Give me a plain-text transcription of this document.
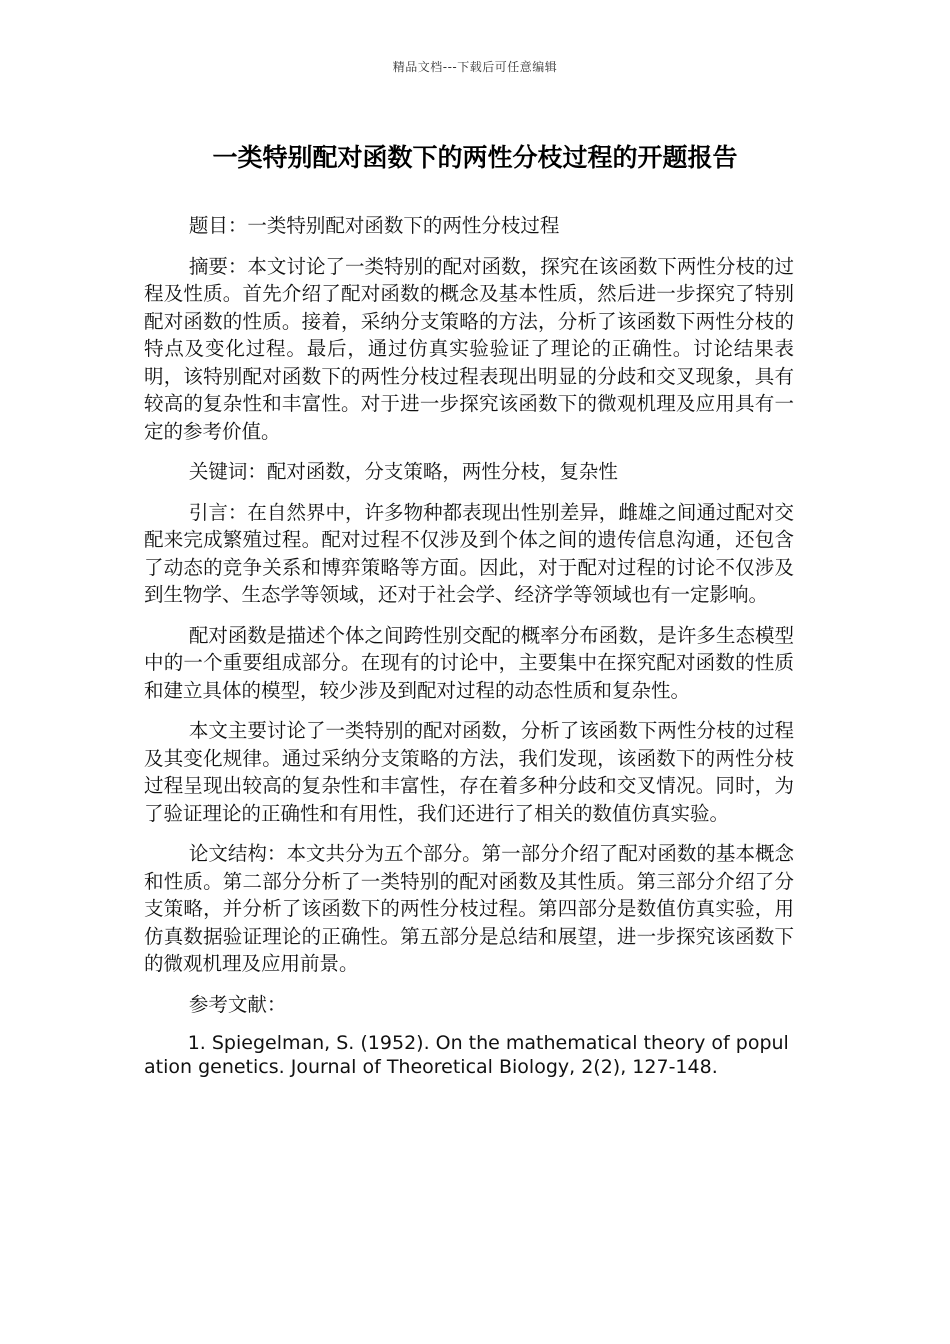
精品文档---下载后可任意编辑
一类特别配对函数下的两性分枝过程的开题报告

题目：一类特别配对函数下的两性分枝过程

摘要：本文讨论了一类特别的配对函数，探究在该函数下两性分枝的过程及性质。首先介绍了配对函数的概念及基本性质，然后进一步探究了特别配对函数的性质。接着，采纳分支策略的方法，分析了该函数下两性分枝的特点及变化过程。最后，通过仿真实验验证了理论的正确性。讨论结果表明，该特别配对函数下的两性分枝过程表现出明显的分歧和交叉现象，具有较高的复杂性和丰富性。对于进一步探究该函数下的微观机理及应用具有一定的参考价值。

关键词：配对函数，分支策略，两性分枝，复杂性

引言：在自然界中，许多物种都表现出性别差异，雌雄之间通过配对交配来完成繁殖过程。配对过程不仅涉及到个体之间的遗传信息沟通，还包含了动态的竞争关系和博弈策略等方面。因此，对于配对过程的讨论不仅涉及到生物学、生态学等领域，还对于社会学、经济学等领域也有一定影响。

配对函数是描述个体之间跨性别交配的概率分布函数，是许多生态模型中的一个重要组成部分。在现有的讨论中，主要集中在探究配对函数的性质和建立具体的模型，较少涉及到配对过程的动态性质和复杂性。

本文主要讨论了一类特别的配对函数，分析了该函数下两性分枝的过程及其变化规律。通过采纳分支策略的方法，我们发现，该函数下的两性分枝过程呈现出较高的复杂性和丰富性，存在着多种分歧和交叉情况。同时，为了验证理论的正确性和有用性，我们还进行了相关的数值仿真实验。

论文结构：本文共分为五个部分。第一部分介绍了配对函数的基本概念和性质。第二部分分析了一类特别的配对函数及其性质。第三部分介绍了分支策略，并分析了该函数下的两性分枝过程。第四部分是数值仿真实验，用仿真数据验证理论的正确性。第五部分是总结和展望，进一步探究该函数下的微观机理及应用前景。

参考文献：

1. Spiegelman, S. (1952). On the mathematical theory of population genetics. Journal of Theoretical Biology, 2(2), 127-148.
